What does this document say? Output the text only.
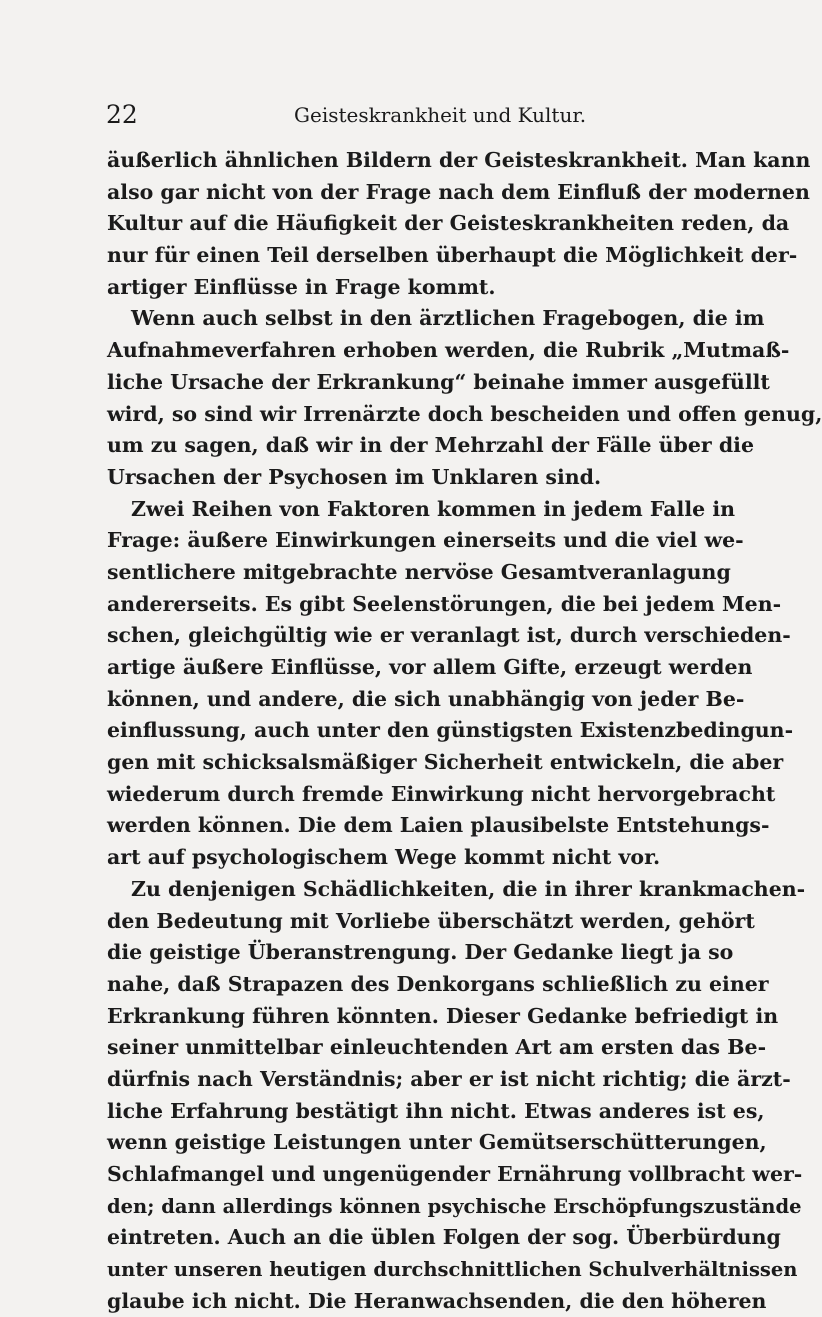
22	Geisteskrankheit und Kultur.
äußerlich ähnlichen Bildern der Geisteskrankheit. Man kann
also gar nicht von der Frage nach dem Einfluß der modernen
Kultur auf die Häufigkeit der Geisteskrankheiten reden, da
nur für einen Teil derselben überhaupt die Möglichkeit der-
artiger Einflüsse in Frage kommt.
Wenn auch selbst in den ärztlichen Fragebogen, die im
Aufnahmeverfahren erhoben werden, die Rubrik „Mutmaß-
liche Ursache der Erkrankung“ beinahe immer ausgefüllt
wird, so sind wir Irrenärzte doch bescheiden und offen genug,
um zu sagen, daß wir in der Mehrzahl der Fälle über die
Ursachen der Psychosen im Unklaren sind.
Zwei Reihen von Faktoren kommen in jedem Falle in
Frage: äußere Einwirkungen einerseits und die viel we-
sentlichere mitgebrachte nervöse Gesamtveranlagung
andererseits. Es gibt Seelenstörungen, die bei jedem Men-
schen, gleichgültig wie er veranlagt ist, durch verschieden-
artige äußere Einflüsse, vor allem Gifte, erzeugt werden
können, und andere, die sich unabhängig von jeder Be-
einflussung, auch unter den günstigsten Existenzbedingun-
gen mit schicksalsmäßiger Sicherheit entwickeln, die aber
wiederum durch fremde Einwirkung nicht hervorgebracht
werden können. Die dem Laien plausibelste Entstehungs-
art auf psychologischem Wege kommt nicht vor.
Zu denjenigen Schädlichkeiten, die in ihrer krankmachen-
den Bedeutung mit Vorliebe überschätzt werden, gehört
die geistige Überanstrengung. Der Gedanke liegt ja so
nahe, daß Strapazen des Denkorgans schließlich zu einer
Erkrankung führen könnten. Dieser Gedanke befriedigt in
seiner unmittelbar einleuchtenden Art am ersten das Be-
dürfnis nach Verständnis; aber er ist nicht richtig; die ärzt-
liche Erfahrung bestätigt ihn nicht. Etwas anderes ist es,
wenn geistige Leistungen unter Gemütserschütterungen,
Schlafmangel und ungenügender Ernährung vollbracht wer-
den; dann allerdings können psychische Erschöpfungszustände
eintreten. Auch an die üblen Folgen der sog. Überbürdung
unter unseren heutigen durchschnittlichen Schulverhältnissen
glaube ich nicht. Die Heranwachsenden, die den höheren
